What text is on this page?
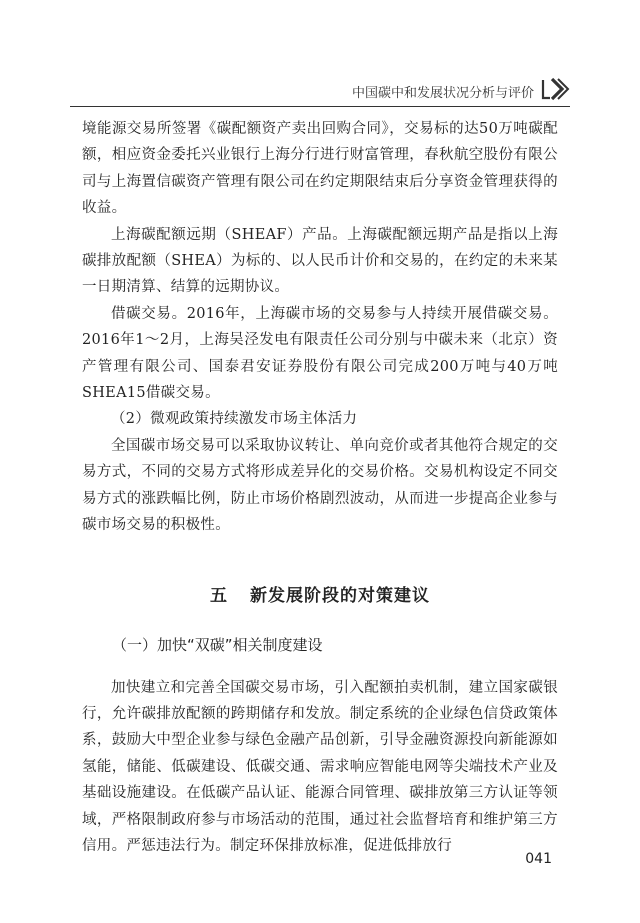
中国碳中和发展状况分析与评价

境能源交易所签署《碳配额资产卖出回购合同》，交易标的达50万吨碳配额，相应资金委托兴业银行上海分行进行财富管理，春秋航空股份有限公司与上海置信碳资产管理有限公司在约定期限结束后分享资金管理获得的收益。

上海碳配额远期（SHEAF）产品。上海碳配额远期产品是指以上海碳排放配额（SHEA）为标的、以人民币计价和交易的，在约定的未来某一日期清算、结算的远期协议。

借碳交易。2016年，上海碳市场的交易参与人持续开展借碳交易。2016年1～2月，上海吴泾发电有限责任公司分别与中碳未来（北京）资产管理有限公司、国泰君安证券股份有限公司完成200万吨与40万吨SHEA15借碳交易。

（2）微观政策持续激发市场主体活力

全国碳市场交易可以采取协议转让、单向竞价或者其他符合规定的交易方式，不同的交易方式将形成差异化的交易价格。交易机构设定不同交易方式的涨跌幅比例，防止市场价格剧烈波动，从而进一步提高企业参与碳市场交易的积极性。

五 新发展阶段的对策建议
（一）加快“双碳”相关制度建设

加快建立和完善全国碳交易市场，引入配额拍卖机制，建立国家碳银行，允许碳排放配额的跨期储存和发放。制定系统的企业绿色信贷政策体系，鼓励大中型企业参与绿色金融产品创新，引导金融资源投向新能源如氢能，储能、低碳建设、低碳交通、需求响应智能电网等尖端技术产业及基础设施建设。在低碳产品认证、能源合同管理、碳排放第三方认证等领域，严格限制政府参与市场活动的范围，通过社会监督培育和维护第三方信用。严惩违法行为。制定环保排放标准，促进低排放行

041
